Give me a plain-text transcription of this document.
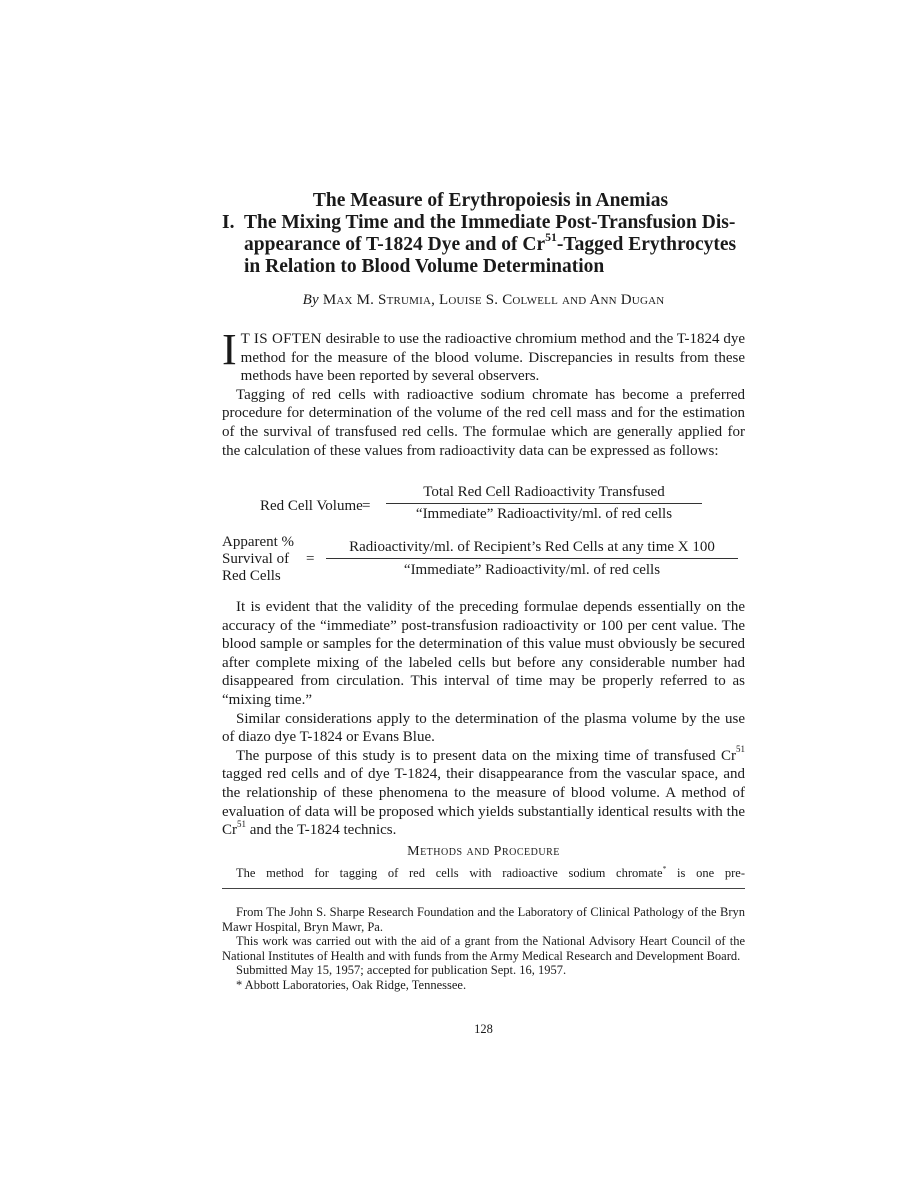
The Measure of Erythropoiesis in Anemias
I. The Mixing Time and the Immediate Post-Transfusion Dis-appearance of T-1824 Dye and of Cr$^{51}$-Tagged Erythrocytes in Relation to Blood Volume Determination
By Max M. Strumia, Louise S. Colwell and Ann Dugan

I T IS OFTEN desirable to use the radioactive chromium method and the T-1824 dye method for the measure of the blood volume. Discrepancies in results from these methods have been reported by several observers.

Tagging of red cells with radioactive sodium chromate has become a preferred procedure for determination of the volume of the red cell mass and for the estimation of the survival of transfused red cells. The formulae which are generally applied for the calculation of these values from radioactivity data can be expressed as follows:

Red Cell Volume =
Total Red Cell Radioactivity Transfused
“Immediate” Radioactivity/ml. of red cells
Apparent %
Survival of
Red Cells
=
Radioactivity/ml. of Recipient’s Red Cells at any time X 100
“Immediate” Radioactivity/ml. of red cells

It is evident that the validity of the preceding formulae depends essentially on the accuracy of the “immediate” post-transfusion radioactivity or 100 per cent value. The blood sample or samples for the determination of this value must obviously be secured after complete mixing of the labeled cells but before any considerable number had disappeared from circulation. This interval of time may be properly referred to as “mixing time.”

Similar considerations apply to the determination of the plasma volume by the use of diazo dye T-1824 or Evans Blue.

The purpose of this study is to present data on the mixing time of transfused Cr$^{51}$ tagged red cells and of dye T-1824, their disappearance from the vascular space, and the relationship of these phenomena to the measure of blood volume. A method of evaluation of data will be proposed which yields substantially identical results with the Cr$^{51}$ and the T-1824 technics.

Methods and Procedure
The method for tagging of red cells with radioactive sodium chromate* is one pre-

From The John S. Sharpe Research Foundation and the Laboratory of Clinical Pathology of the Bryn Mawr Hospital, Bryn Mawr, Pa.

This work was carried out with the aid of a grant from the National Advisory Heart Council of the National Institutes of Health and with funds from the Army Medical Research and Development Board.

Submitted May 15, 1957; accepted for publication Sept. 16, 1957.

* Abbott Laboratories, Oak Ridge, Tennessee.

128
